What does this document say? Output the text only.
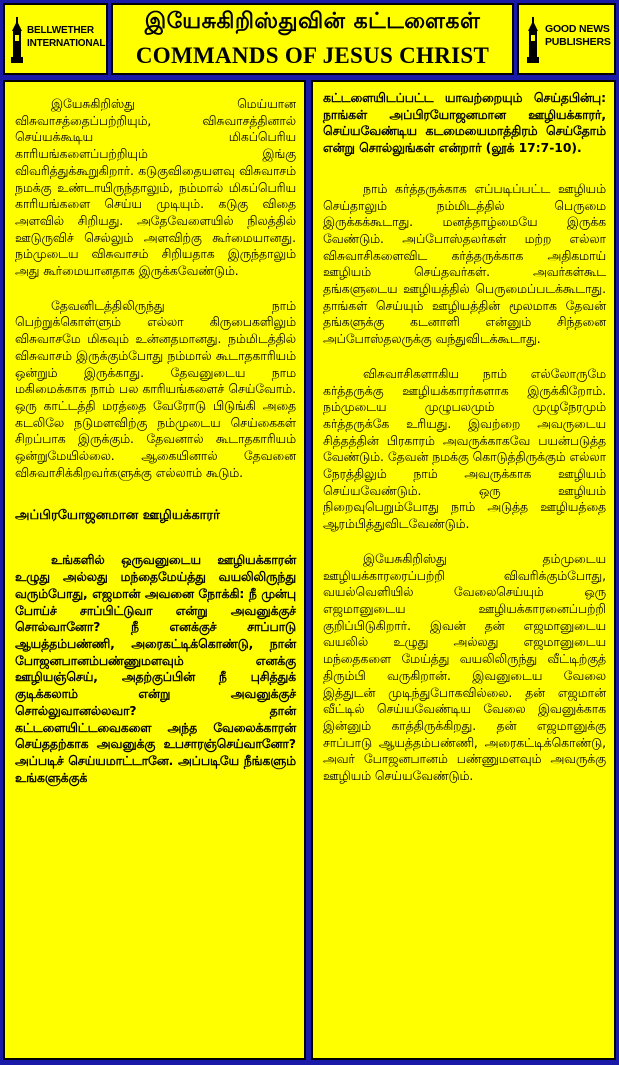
BELLWETHER
INTERNATIONAL
இயேசுகிறிஸ்துவின் கட்டளைகள்
COMMANDS OF JESUS CHRIST
GOOD NEWS
PUBLISHERS

இயேசுகிறிஸ்து மெய்யான விசுவாசத்தைப்பற்றியும், விசுவாசத்தினால் செய்யக்கூடிய மிகப்பெரிய காரியங்களைப்பற்றியும் இங்கு விவரித்துக்கூறுகிறார். கடுகுவிதையளவு விசுவாசம் நமக்கு உண்டாயிருந்தாலும், நம்மால் மிகப்பெரிய காரியங்களை செய்ய முடியும். கடுகு விதை அளவில் சிறியது. அதேவேளையில் நிலத்தில் ஊடுருவிச் செல்லும் அளவிற்கு கூர்மையானது. நம்முடைய விசுவாசம் சிறியதாக இருந்தாலும் அது கூர்மையானதாக இருக்கவேண்டும்.

தேவனிடத்திலிருந்து நாம் பெற்றுக்கொள்ளும் எல்லா கிருபைகளிலும் விசுவாசமே மிகவும் உன்னதமானது. நம்மிடத்தில் விசுவாசம் இருக்கும்போது நம்மால் கூடாதகாரியம் ஒன்றும் இருக்காது. தேவனுடைய நாம மகிமைக்காக நாம் பல காரியங்களைச் செய்வோம். ஒரு காட்டத்தி மரத்தை வேரோடு பிடுங்கி அதை கடலிலே நடுமளவிற்கு நம்முடைய செய்கைகள் சிறப்பாக இருக்கும். தேவனால் கூடாதகாரியம் ஒன்றுமேயில்லை. ஆகையினால் தேவனை விசுவாசிக்கிறவர்களுக்கு எல்லாம் கூடும்.

அப்பிரயோஜனமான ஊழியக்காரர்

உங்களில் ஒருவனுடைய ஊழியக்காரன் உழுது அல்லது மந்தைமேய்த்து வயலிலிருந்து வரும்போது, எஜமான் அவனை நோக்கி: நீ முன்பு போய்ச் சாப்பிட்டுவா என்று அவனுக்குச் சொல்வானோ? நீ எனக்குச் சாப்பாடு ஆயத்தம்பண்ணி, அரைகட்டிக்கொண்டு, நான் போஜனபானம்பண்ணுமளவும் எனக்கு ஊழியஞ்செய், அதற்குப்பின் நீ புசித்துக் குடிக்கலாம் என்று அவனுக்குச் சொல்லுவானல்லவா? தான் கட்டளையிட்டவைகளை அந்த வேலைக்காரன் செய்ததற்காக அவனுக்கு உபசாரஞ்செய்வானோ? அப்படிச் செய்யமாட்டானே. அப்படியே நீங்களும் உங்களுக்குக்

கட்டளையிடப்பட்ட யாவற்றையும் செய்தபின்பு: நாங்கள் அப்பிரயோஜனமான ஊழியக்காரர், செய்யவேண்டிய கடமையைமாத்திரம் செய்தோம் என்று சொல்லுங்கள் என்றார் (லூக் 17:7-10).

நாம் கர்த்தருக்காக எப்படிப்பட்ட ஊழியம் செய்தாலும் நம்மிடத்தில் பெருமை இருக்கக்கூடாது. மனத்தாழ்மையே இருக்க வேண்டும். அப்போஸ்தலர்கள் மற்ற எல்லா விசுவாசிகளைவிட கர்த்தருக்காக அதிகமாய் ஊழியம் செய்தவர்கள். அவர்கள்கூட தங்களுடைய ஊழியத்தில் பெருமைப்படக்கூடாது. தாங்கள் செய்யும் ஊழியத்தின் மூலமாக தேவன் தங்களுக்கு கடனாளி என்னும் சிந்தனை அப்போஸ்தலருக்கு வந்துவிடக்கூடாது.

விசுவாசிகளாகிய நாம் எல்லோருமே கர்த்தருக்கு ஊழியக்காரர்களாக இருக்கிறோம். நம்முடைய முழுபலமும் முழுநேரமும் கர்த்தருக்கே உரியது. இவற்றை அவருடைய சித்தத்தின் பிரகாரம் அவருக்காகவே பயன்படுத்த வேண்டும். தேவன் நமக்கு கொடுத்திருக்கும் எல்லா நேரத்திலும் நாம் அவருக்காக ஊழியம் செய்யவேண்டும். ஒரு ஊழியம் நிறைவுபெறும்போது நாம் அடுத்த ஊழியத்தை ஆரம்பித்துவிடவேண்டும்.

இயேசுகிறிஸ்து தம்முடைய ஊழியக்காரரைப்பற்றி விவரிக்கும்போது, வயல்வெளியில் வேலைசெய்யும் ஒரு எஜமானுடைய ஊழியக்காரனைப்பற்றி குறிப்பிடுகிறார். இவன் தன் எஜமானுடைய வயலில் உழுது அல்லது எஜமானுடைய மந்தைகளை மேய்த்து வயலிலிருந்து வீட்டிற்குத் திரும்பி வருகிறான். இவனுடைய வேலை இத்துடன் முடிந்துபோகவில்லை. தன் எஜமான் வீட்டில் செய்யவேண்டிய வேலை இவனுக்காக இன்னும் காத்திருக்கிறது. தன் எஜமானுக்கு சாப்பாடு ஆயத்தம்பண்ணி, அரைகட்டிக்கொண்டு, அவர் போஜனபானம் பண்ணுமளவும் அவருக்கு ஊழியம் செய்யவேண்டும்.
